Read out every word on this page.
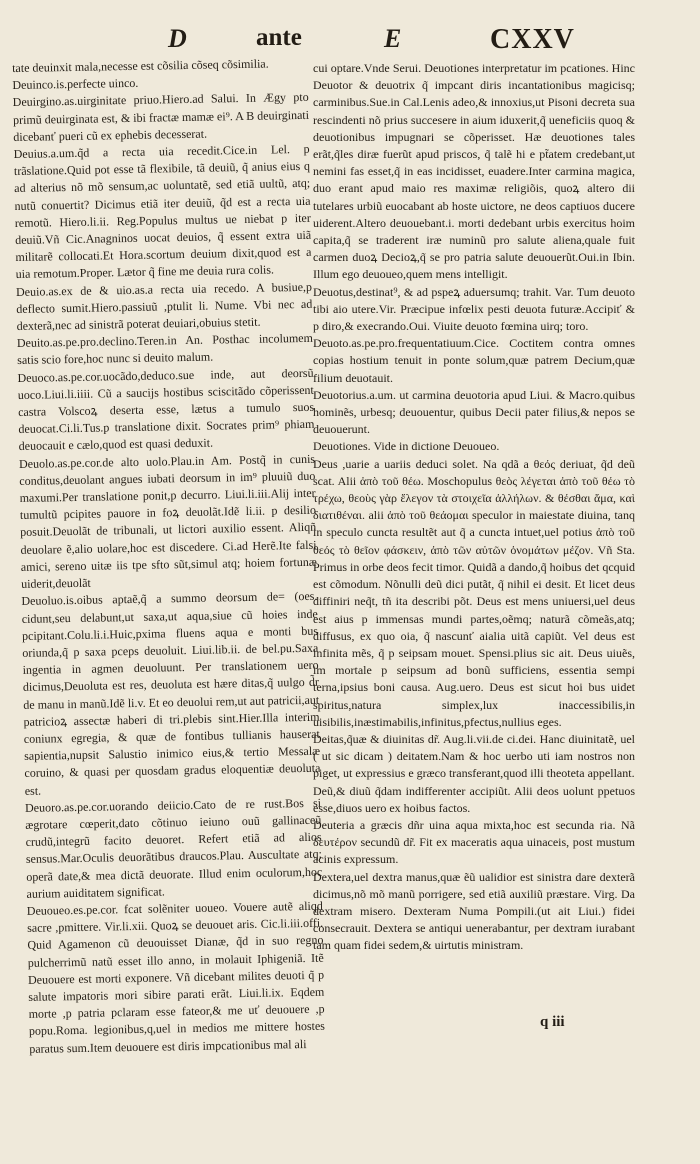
D	ante	E	CXXV

tate deuinxit mala,necesse est cõsilia cõseq cõsimilia.

Deuinco.is.perfecte uinco.

Deuirgino.as.uirginitate priuo.Hiero.ad Salui. In Ægy pto primũ deuirginata est, & ibi fractæ mamæ ei⁹. A B deuirginati dicebanť pueri cũ ex ephebis decesserat.

Deuius.a.um.q̃d a recta uia recedit.Cice.in Lel. p trãslatione.Quid pot esse tã flexibile, tã deuiũ, q̃ anius eius q ad alterius nõ mõ sensum,ac uoluntatẽ, sed etiã uultũ, atq; nutũ conuertit? Dicimus etiã iter deuiũ, q̃d est a recta uia remotũ. Hiero.li.ii. Reg.Populus multus ue niebat p iter deuiũ.Vñ Cic.Anagninos uocat deuios, q̃ essent extra uiã militarẽ collocati.Et Hora.scortum deuium dixit,quod est a uia remotum.Proper. Lætor q̃ fine me deuia rura colis.

Deuio.as.ex de & uio.as.a recta uia recedo. A busiue,p deflecto sumit.Hiero.passiuũ ,ptulit li. Nume. Vbi nec ad dexterã,nec ad sinistrã poterat deuiari,obuius stetit.

Deuito.as.pe.pro.declino.Teren.in An. Posthac incolumem satis scio fore,hoc nunc si deuito malum.

Deuoco.as.pe.cor.uocãdo,deduco.sue inde, aut deorsũ uoco.Liui.li.iiii. Cũ a saucijs hostibus sciscitãdo cõperissent castra Volscoꝝ deserta esse, lætus a tumulo suos deuocat.Ci.li.Tus.p translatione dixit. Socrates prim⁹ phiam deuocauit e cælo,quod est quasi deduxit.

Deuolo.as.pe.cor.de alto uolo.Plau.in Am. Postq̃ in cunis conditus,deuolant angues iubati deorsum in im⁹ pluuiũ duo maxumi.Per translatione ponit,p decurro. Liui.li.iii.Alij inter tumultũ pcipites pauore in foꝝ deuolãt.Idẽ li.ii. p desilio posuit.Deuolãt de tribunali, ut lictori auxilio essent. Aliqñ deuolare ẽ,alio uolare,hoc est discedere. Ci.ad Herẽ.Ite falsi amici, sereno uitæ iis tpe sfto sũt,simul atq; hoiem fortunæ uiderit,deuolãt

Deuoluo.is.oibus aptaẽ,q̃ a summo deorsum de= (oes. cidunt,seu delabunt,ut saxa,ut aqua,siue cũ hoies inde pcipitant.Colu.li.i.Huic,pxima fluens aqua e monti bus oriunda,q̃ p saxa pceps deuoluit. Liui.lib.ii. de bel.pu.Saxa ingentia in agmen deuoluunt. Per translationem uero dicimus,Deuoluta est res, deuoluta est hære ditas,q̃ uulgo d̃r de manu in manũ.Idẽ li.v. Et eo deuolui rem,ut aut patricii,aut patricioꝝ assectæ haberi di tri.plebis sint.Hier.Illa interim coniunx egregia, & quæ de fontibus tullianis hauserat sapientia,nupsit Salustio inimico eius,& tertio Messalæ coruino, & quasi per quosdam gradus eloquentiæ deuoluta est.

Deuoro.as.pe.cor.uorando deiicio.Cato de re rust.Bos si ægrotare cœperit,dato cõtinuo ieiuno ouũ gallinaceũ crudũ,integrũ facito deuoret. Refert etiã ad alios sensus.Mar.Oculis deuorãtibus draucos.Plau. Auscultate atq; operã date,& mea dictã deuorate. Illud enim oculorum,hoc aurium auiditatem significat.

Deuoueo.es.pe.cor. fcat solẽniter uoueo. Vouere autẽ aliqd sacre ,pmittere. Vir.li.xii. Quoꝝ se deuouet aris. Cic.li.iii.offi. Quid Agamenon cũ deuouisset Dianæ, q̃d in suo regno pulcherrimũ natũ esset illo anno, in molauit Iphigeniã. Itẽ Deuouere est morti exponere. Vñ dicebant milites deuoti q̃ p salute impatoris mori sibire parati erãt. Liui.li.ix. Eqdem morte ,p patria pclaram esse fateor,& me uť deuouere ,p popu.Roma. legionibus,q,uel in medios me mittere hostes paratus sum.Item deuouere est diris impcationibus mal ali

cui optare.Vnde Serui. Deuotiones interpretatur im pcationes. Hinc Deuotor & deuotrix q̃ impcant diris incantationibus magicisq; carminibus.Sue.in Cal.Lenis adeo,& innoxius,ut Pisoni decreta sua rescindenti nõ prius succesere in aium iduxerit,q̃ ueneficiis quoq & deuotionibus impugnari se cõperisset. Hæ deuotiones tales erãt,q̃les diræ fuerũt apud priscos, q̃ talẽ hi e pt̃atem credebant,ut nemini fas esset,q̃ in eas incidisset, euadere.Inter carmina magica, duo erant apud maio res maximæ religiõis, quoꝝ altero dii tutelares urbiũ euocabant ab hoste uictore, ne deos captiuos ducere uiderent.Altero deuouebant.i. morti dedebant urbis exercitus hoim capita,q̃ se traderent iræ numinũ pro salute aliena,quale fuit carmen duoꝝ Decioꝝ,q̃ se pro patria salute deuouerũt.Oui.in Ibin. Illum ego deuoueo,quem mens intelligit.

Deuotus,destinat⁹, & ad pspeꝝ aduersumq; trahit. Var. Tum deuoto tibi aio utere.Vir. Præcipue infœlix pesti deuota futuræ.Accipiť & p diro,& execrando.Oui. Viuite deuoto fœmina uirq; toro.

Deuoto.as.pe.pro.frequentatiuum.Cice. Coctitem contra omnes copias hostium tenuit in ponte solum,quæ patrem Decium,quæ filium deuotauit.

Deuotorius.a.um. ut carmina deuotoria apud Liui. & Macro.quibus hominẽs, urbesq; deuouentur, quibus Decii pater filius,& nepos se deuouerunt.

Deuotiones. Vide in dictione Deuoueo.

Deus ,uarie a uariis deduci solet. Na qdã a θεός deriuat, q̃d deũ scat. Alii ἀπὸ τοῦ θέω. Moschopulus θεὸς λέγεται ἀπὸ τοῦ θέω τὸ τρέχω, θεοὺς γὰρ ἔλεγον τὰ στοιχεῖα ἀλλήλων. & θέσθαι ἅμα, καὶ διατιθέναι. alii ἀπὸ τοῦ θεάομαι speculor in maiestate diuina, tanq in speculo cuncta resultẽt aut q̃ a cuncta intuet,uel potius ἀπὸ τοῦ θεός τὸ θεῖον φάσκειν, ἀπὸ τῶν αὐτῶν ὀνομάτων μέζον. Vñ Sta. Primus in orbe deos fecit timor. Quidã a dando,q̃ hoibus det qcquid est cõmodum. Nõnulli deũ dici putãt, q̃ nihil ei desit. Et licet deus diffiniri neq̃t, tñ ita describi põt. Deus est mens uniuersi,uel deus est aius p immensas mundi partes,oẽmq; naturã cõmeãs,atq; diffusus, ex quo oia, q̃ nascunť aialia uitã capiũt. Vel deus est infinita mẽs, q̃ p seipsam mouet. Spensi.plius sic ait. Deus uiuẽs, im mortale p seipsum ad bonũ sufficiens, essentia sempi terna,ipsius boni causa. Aug.uero. Deus est sicut hoi bus uidet spiritus,natura simplex,lux inaccessibilis,in uisibilis,inæstimabilis,infinitus,pfectus,nullius eges.

Deitas,q̃uæ & diuinitas dr̃. Aug.li.vii.de ci.dei. Hanc diuinitatẽ, uel ( ut sic dicam ) deitatem.Nam & hoc uerbo uti iam nostros non piget, ut expressius e græco transferant,quod illi theoteta appellant.

Deũ,& diuũ q̃dam indifferenter accipiũt. Alii deos uolunt ppetuos esse,diuos uero ex hoibus factos.

Deuteria a græcis dñr uina aqua mixta,hoc est secunda ria. Nã δευτέρον secundũ dr̃. Fit ex maceratis aqua uinaceis, post mustum acinis expressum.

Dextera,uel dextra manus,quæ ẽũ ualidior est sinistra dare dexterã dicimus,nõ mõ manũ porrigere, sed etiã auxiliũ præstare. Virg. Da dextram misero. Dexteram Numa Pompili.(ut ait Liui.) fidei consecrauit. Dextera se antiqui uenerabantur, per dextram iurabant tam quam fidei sedem,& uirtutis ministram.

q iii
